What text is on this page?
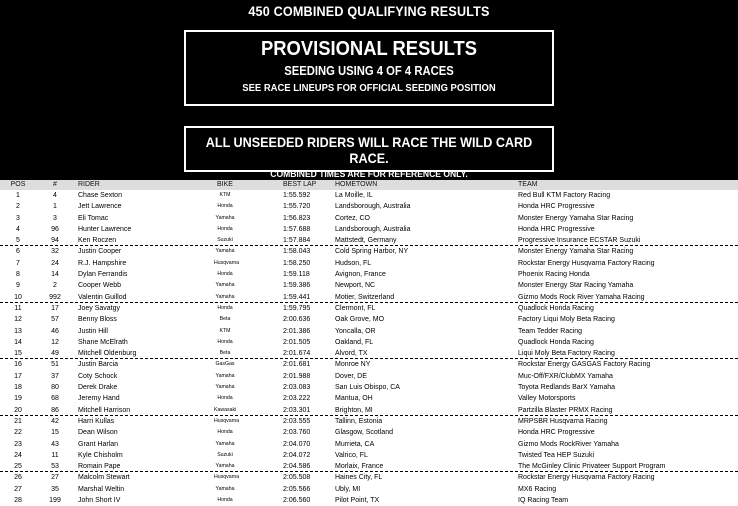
450 COMBINED QUALIFYING RESULTS
PROVISIONAL RESULTS
SEEDING USING 4 OF 4 RACES
SEE RACE LINEUPS FOR OFFICIAL SEEDING POSITION
ALL UNSEEDED RIDERS WILL RACE THE WILD CARD RACE.
COMBINED TIMES ARE FOR REFERENCE ONLY.
POS	#	RIDER	BIKE	BEST LAP	HOMETOWN	TEAM
1	4	Chase Sexton	KTM	1:55.592	La Moille, IL	Red Bull KTM Factory Racing
2	1	Jett Lawrence	Honda	1:55.720	Landsborough, Australia	Honda HRC Progressive
3	3	Eli Tomac	Yamaha	1:56.823	Cortez, CO	Monster Energy Yamaha Star Racing
4	96	Hunter Lawrence	Honda	1:57.688	Landsborough, Australia	Honda HRC Progressive
5	94	Ken Roczen	Suzuki	1:57.884	Mattstedt, Germany	Progressive Insurance ECSTAR Suzuki
6	32	Justin Cooper	Yamaha	1:58.043	Cold Spring Harbor, NY	Monster Energy Yamaha Star Racing
7	24	R.J. Hampshire	Husqvarna	1:58.250	Hudson, FL	Rockstar Energy Husqvarna Factory Racing
8	14	Dylan Ferrandis	Honda	1:59.118	Avignon, France	Phoenix Racing Honda
9	2	Cooper Webb	Yamaha	1:59.386	Newport, NC	Monster Energy Star Racing Yamaha
10	992	Valentin Guillod	Yamaha	1:59.441	Motier, Switzerland	Gizmo Mods Rock River Yamaha Racing
11	17	Joey Savatgy	Honda	1:59.795	Clermont, FL	Quadlock Honda Racing
12	57	Benny Bloss	Beta	2:00.636	Oak Grove, MO	Factory Liqui Moly Beta Racing
13	46	Justin Hill	KTM	2:01.386	Yoncalla, OR	Team Tedder Racing
14	12	Shane McElrath	Honda	2:01.505	Oakland, FL	Quadlock Honda Racing
15	49	Mitchell Oldenburg	Beta	2:01.674	Alvord, TX	Liqui Moly Beta Factory Racing
16	51	Justin Barcia	GasGas	2:01.681	Monroe NY	Rockstar Energy GASGAS Factory Racing
17	37	Coty Schock	Yamaha	2:01.988	Dover, DE	Muc-Off/FXR/ClubMX Yamaha
18	80	Derek Drake	Yamaha	2:03.083	San Luis Obispo, CA	Toyota Redlands BarX Yamaha
19	68	Jeremy Hand	Honda	2:03.222	Mantua, OH	Valley Motorsports
20	86	Mitchell Harrison	Kawasaki	2:03.301	Brighton, MI	Partzilla Blaster PRMX Racing
21	42	Harri Kullas	Husqvarna	2:03.555	Tallinn, Estonia	MRPSBR Husqvarna Racing
22	15	Dean Wilson	Honda	2:03.760	Glasgow, Scotland	Honda HRC Progressive
23	43	Grant Harlan	Yamaha	2:04.070	Murrieta, CA	Gizmo Mods RockRiver Yamaha
24	11	Kyle Chisholm	Suzuki	2:04.072	Valrico, FL	Twisted Tea HEP Suzuki
25	53	Romain Pape	Yamaha	2:04.586	Morlaix, France	The McGinley Clinic Privateer Support Program
26	27	Malcolm Stewart	Husqvarna	2:05.508	Haines City, FL	Rockstar Energy Husqvarna Factory Racing
27	35	Marshal Weltin	Yamaha	2:05.566	Ubly, MI	MX6 Racing
28	199	John Short IV	Honda	2:06.560	Pilot Point, TX	IQ Racing Team
